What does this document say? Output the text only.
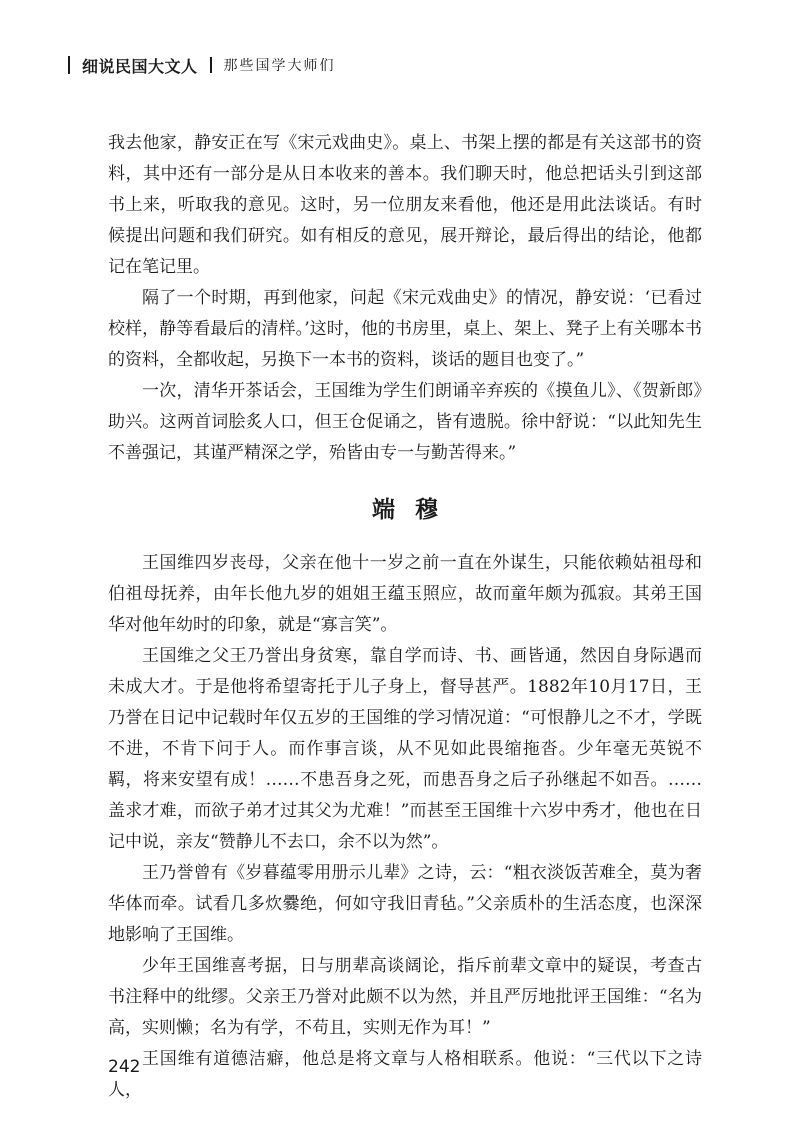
细说民国大文人 那些国学大师们

我去他家，静安正在写《宋元戏曲史》。桌上、书架上摆的都是有关这部书的资料，其中还有一部分是从日本收来的善本。我们聊天时，他总把话头引到这部书上来，听取我的意见。这时，另一位朋友来看他，他还是用此法谈话。有时候提出问题和我们研究。如有相反的意见，展开辩论，最后得出的结论，他都记在笔记里。

隔了一个时期，再到他家，问起《宋元戏曲史》的情况，静安说：‘已看过校样，静等看最后的清样。’这时，他的书房里，桌上、架上、凳子上有关哪本书的资料，全都收起，另换下一本书的资料，谈话的题目也变了。”

一次，清华开茶话会，王国维为学生们朗诵辛弃疾的《摸鱼儿》、《贺新郎》助兴。这两首词脍炙人口，但王仓促诵之，皆有遗脱。徐中舒说：“以此知先生不善强记，其谨严精深之学，殆皆由专一与勤苦得来。”

端穆

王国维四岁丧母，父亲在他十一岁之前一直在外谋生，只能依赖姑祖母和伯祖母抚养，由年长他九岁的姐姐王蕴玉照应，故而童年颇为孤寂。其弟王国华对他年幼时的印象，就是“寡言笑”。

王国维之父王乃誉出身贫寒，靠自学而诗、书、画皆通，然因自身际遇而未成大才。于是他将希望寄托于儿子身上，督导甚严。1882年10月17日，王乃誉在日记中记载时年仅五岁的王国维的学习情况道：“可恨静儿之不才，学既不进，不肯下问于人。而作事言谈，从不见如此畏缩拖沓。少年毫无英锐不羁，将来安望有成！……不患吾身之死，而患吾身之后子孙继起不如吾。……盖求才难，而欲子弟才过其父为尤难！”而甚至王国维十六岁中秀才，他也在日记中说，亲友“赞静儿不去口，余不以为然”。

王乃誉曾有《岁暮蕴零用册示儿辈》之诗，云：“粗衣淡饭苦难全，莫为奢华体而牵。试看几多炊爨绝，何如守我旧青毡。”父亲质朴的生活态度，也深深地影响了王国维。

少年王国维喜考据，日与朋辈高谈阔论，指斥前辈文章中的疑误，考查古书注释中的纰缪。父亲王乃誉对此颇不以为然，并且严厉地批评王国维：“名为高，实则懒；名为有学，不苟且，实则无作为耳！”

王国维有道德洁癖，他总是将文章与人格相联系。他说：“三代以下之诗人，

242
